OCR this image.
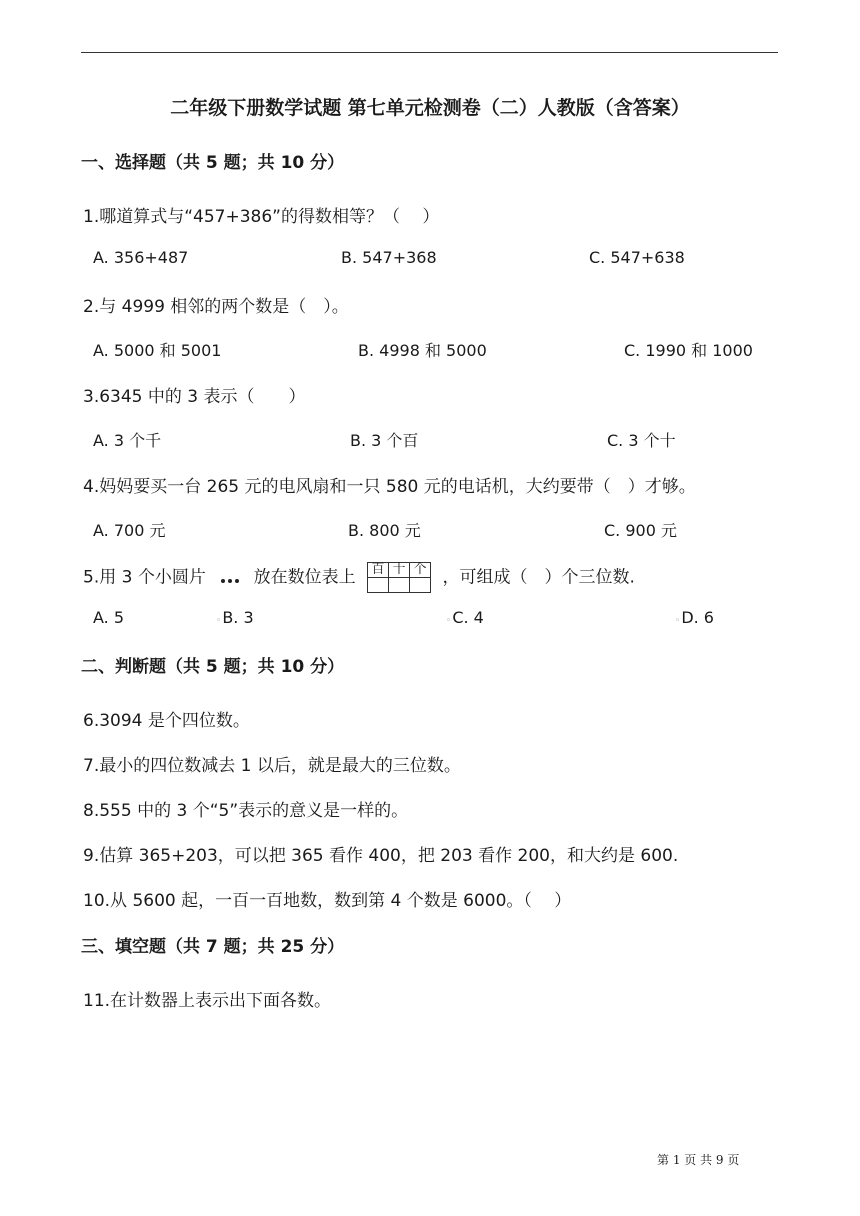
二年级下册数学试题 第七单元检测卷（二）人教版（含答案）
一、选择题（共 5 题；共 10 分）
1.哪道算式与“457+386”的得数相等？（　 ）
A. 356+487	B. 547+368	C. 547+638
2.与 4999 相邻的两个数是（　）。
A. 5000 和 5001	B. 4998 和 5000	C. 1990 和 1000
3.6345 中的 3 表示（　　）
A. 3 个千	B. 3 个百	C. 3 个十
4.妈妈要买一台 265 元的电风扇和一只 580 元的电话机，大约要带（　）才够。
A. 700 元	B. 800 元	C. 900 元
5.用 3 个小圆片	放在数位表上 百	十	个
		，可组成（　）个三位数.
A. 5	◦B. 3	◦C. 4	◦D. 6
二、判断题（共 5 题；共 10 分）
6.3094 是个四位数。
7.最小的四位数减去 1 以后，就是最大的三位数。
8.555 中的 3 个“5”表示的意义是一样的。
9.估算 365+203，可以把 365 看作 400，把 203 看作 200，和大约是 600.
10.从 5600 起，一百一百地数，数到第 4 个数是 6000。（　 ）
三、填空题（共 7 题；共 25 分）
11.在计数器上表示出下面各数。
第 1 页 共 9 页
